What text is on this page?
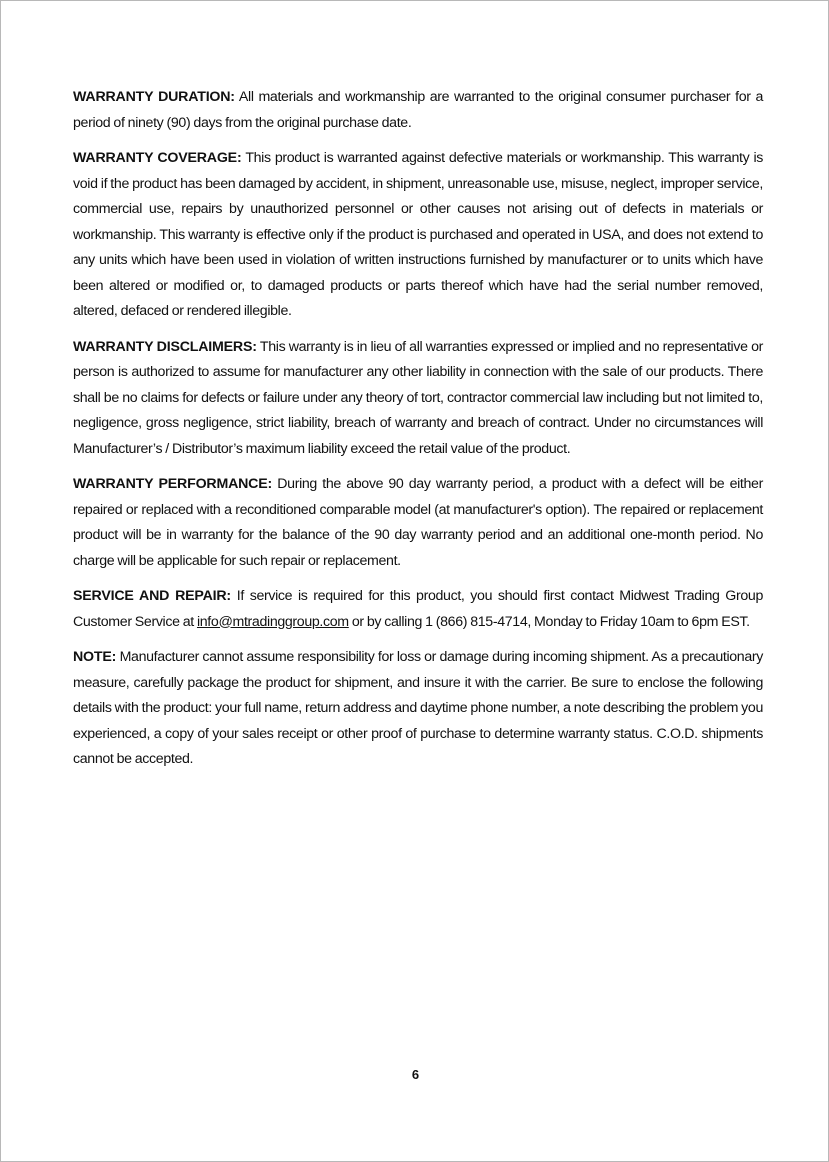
WARRANTY DURATION: All materials and workmanship are warranted to the original consumer purchaser for a period of ninety (90) days from the original purchase date.

WARRANTY COVERAGE: This product is warranted against defective materials or workmanship. This warranty is void if the product has been damaged by accident, in shipment, unreasonable use, misuse, neglect, improper service, commercial use, repairs by unauthorized personnel or other causes not arising out of defects in materials or workmanship. This warranty is effective only if the product is purchased and operated in USA, and does not extend to any units which have been used in violation of written instructions furnished by manufacturer or to units which have been altered or modified or, to damaged products or parts thereof which have had the serial number removed, altered, defaced or rendered illegible.

WARRANTY DISCLAIMERS: This warranty is in lieu of all warranties expressed or implied and no representative or person is authorized to assume for manufacturer any other liability in connection with the sale of our products. There shall be no claims for defects or failure under any theory of tort, contractor commercial law including but not limited to, negligence, gross negligence, strict liability, breach of warranty and breach of contract. Under no circumstances will Manufacturer’s / Distributor’s maximum liability exceed the retail value of the product.

WARRANTY PERFORMANCE: During the above 90 day warranty period, a product with a defect will be either repaired or replaced with a reconditioned comparable model (at manufacturer's option). The repaired or replacement product will be in warranty for the balance of the 90 day warranty period and an additional one-month period. No charge will be applicable for such repair or replacement.

SERVICE AND REPAIR: If service is required for this product, you should first contact Midwest Trading Group Customer Service at info@mtradinggroup.com or by calling 1 (866) 815-4714, Monday to Friday 10am to 6pm EST.

NOTE: Manufacturer cannot assume responsibility for loss or damage during incoming shipment. As a precautionary measure, carefully package the product for shipment, and insure it with the carrier. Be sure to enclose the following details with the product: your full name, return address and daytime phone number, a note describing the problem you experienced, a copy of your sales receipt or other proof of purchase to determine warranty status. C.O.D. shipments cannot be accepted.

6
